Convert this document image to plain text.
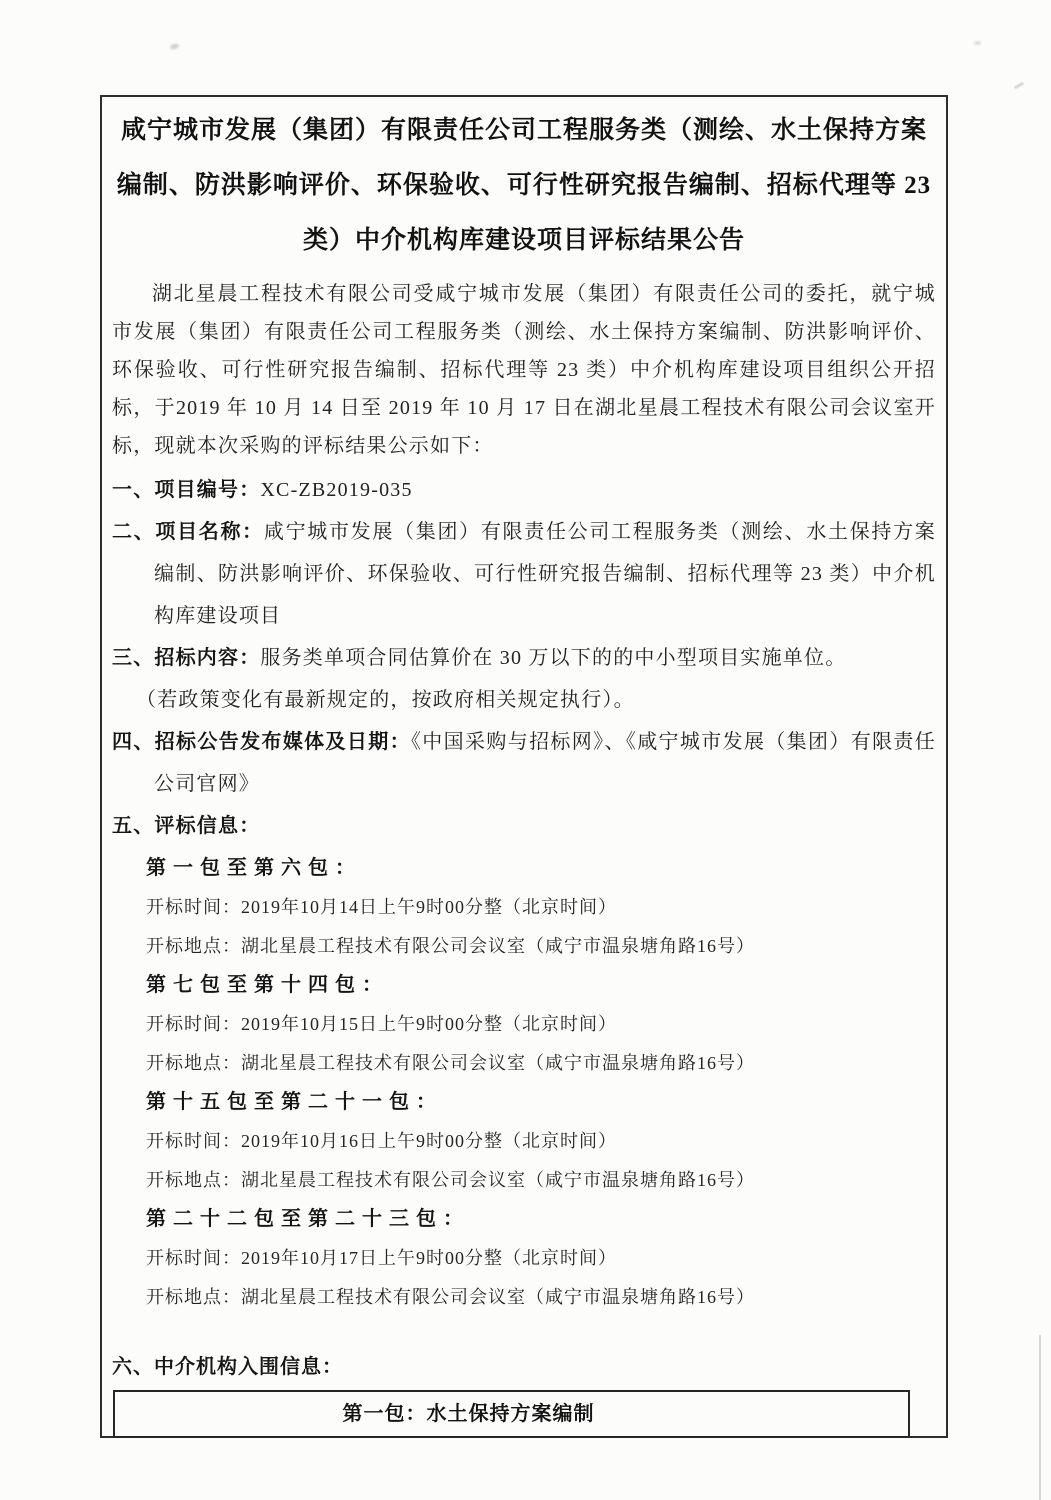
咸宁城市发展（集团）有限责任公司工程服务类（测绘、水土保持方案
编制、防洪影响评价、环保验收、可行性研究报告编制、招标代理等 23
类）中介机构库建设项目评标结果公告

湖北星晨工程技术有限公司受咸宁城市发展（集团）有限责任公司的委托，就宁城市发展（集团）有限责任公司工程服务类（测绘、水土保持方案编制、防洪影响评价、环保验收、可行性研究报告编制、招标代理等 23 类）中介机构库建设项目组织公开招标，于2019 年 10 月 14 日至 2019 年 10 月 17 日在湖北星晨工程技术有限公司会议室开标，现就本次采购的评标结果公示如下：

一、项目编号：XC-ZB2019-035
二、项目名称：咸宁城市发展（集团）有限责任公司工程服务类（测绘、水土保持方案编制、防洪影响评价、环保验收、可行性研究报告编制、招标代理等 23 类）中介机构库建设项目
三、招标内容：服务类单项合同估算价在 30 万以下的的中小型项目实施单位。
（若政策变化有最新规定的，按政府相关规定执行）。
四、招标公告发布媒体及日期：《中国采购与招标网》、《咸宁城市发展（集团）有限责任公司官网》
五、评标信息：
第一包至第六包：
开标时间：2019年10月14日上午9时00分整（北京时间）
开标地点：湖北星晨工程技术有限公司会议室（咸宁市温泉塘角路16号）
第七包至第十四包：
开标时间：2019年10月15日上午9时00分整（北京时间）
开标地点：湖北星晨工程技术有限公司会议室（咸宁市温泉塘角路16号）
第十五包至第二十一包：
开标时间：2019年10月16日上午9时00分整（北京时间）
开标地点：湖北星晨工程技术有限公司会议室（咸宁市温泉塘角路16号）
第二十二包至第二十三包：
开标时间：2019年10月17日上午9时00分整（北京时间）
开标地点：湖北星晨工程技术有限公司会议室（咸宁市温泉塘角路16号）
六、中介机构入围信息：
第一包：水土保持方案编制
